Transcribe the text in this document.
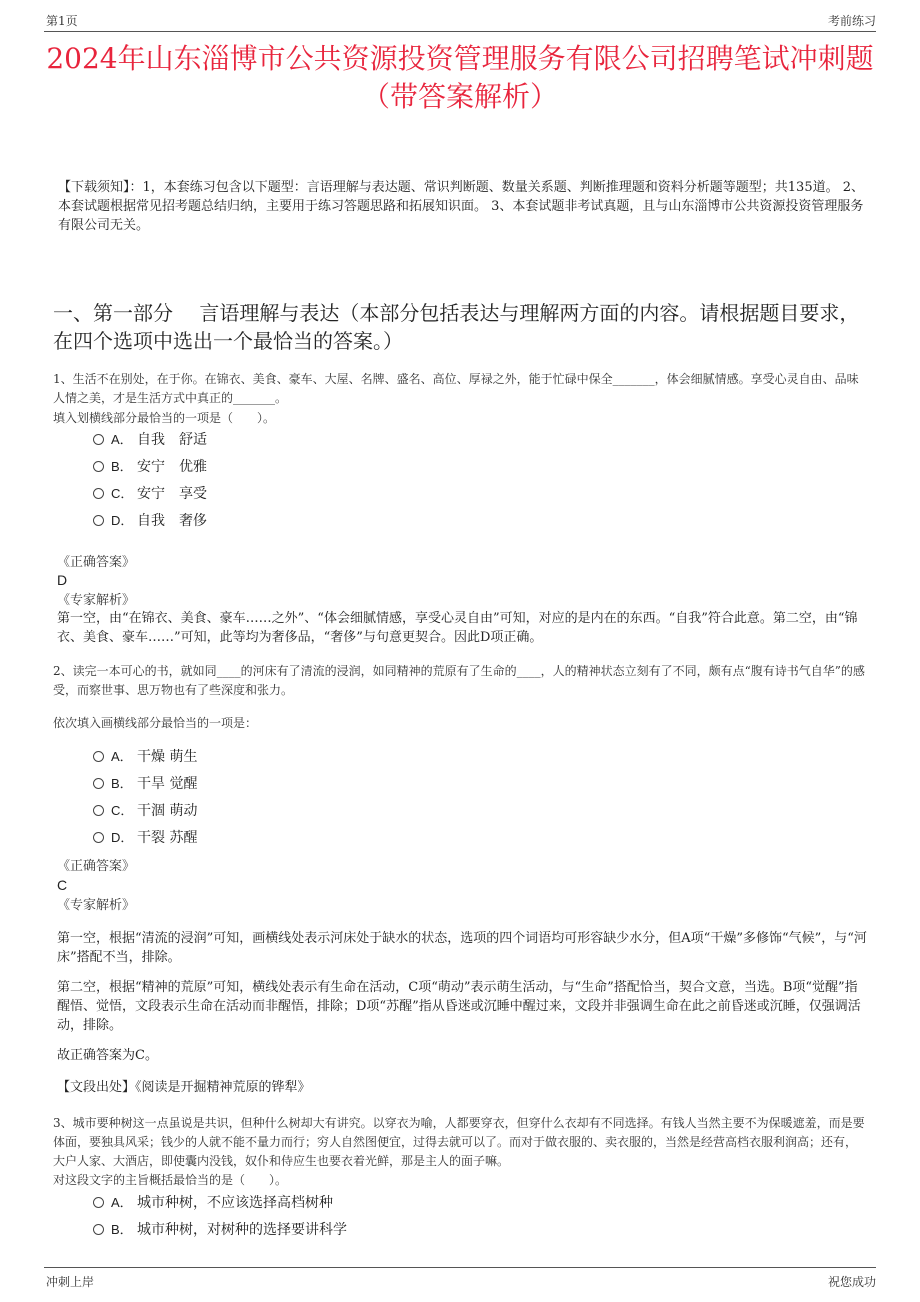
第1页	考前练习
2024年山东淄博市公共资源投资管理服务有限公司招聘笔试冲刺题（带答案解析）
【下载须知】：1，本套练习包含以下题型：言语理解与表达题、常识判断题、数量关系题、判断推理题和资料分析题等题型；共135道。 2、本套试题根据常见招考题总结归纳，主要用于练习答题思路和拓展知识面。 3、本套试题非考试真题，且与山东淄博市公共资源投资管理服务有限公司无关。
一、第一部分 　言语理解与表达（本部分包括表达与理解两方面的内容。请根据题目要求，在四个选项中选出一个最恰当的答案。）
1、生活不在别处，在于你。在锦衣、美食、豪车、大屋、名牌、盛名、高位、厚禄之外，能于忙碌中保全_______，体会细腻情感。享受心灵自由、品味人情之美，才是生活方式中真正的_______。
填入划横线部分最恰当的一项是（　　）。
A． 自我　舒适
B． 安宁　优雅
C． 安宁　享受
D． 自我　奢侈
《正确答案》
D
《专家解析》
第一空，由“在锦衣、美食、豪车……之外”、“体会细腻情感，享受心灵自由”可知，对应的是内在的东西。“自我”符合此意。第二空，由“锦衣、美食、豪车……”可知，此等均为奢侈品，“奢侈”与句意更契合。因此D项正确。
2、读完一本可心的书，就如同____的河床有了清流的浸润，如同精神的荒原有了生命的____，人的精神状态立刻有了不同，颇有点“腹有诗书气自华”的感受，而察世事、思万物也有了些深度和张力。
依次填入画横线部分最恰当的一项是：
A． 干燥 萌生
B． 干旱 觉醒
C． 干涸 萌动
D． 干裂 苏醒
《正确答案》
C
《专家解析》
第一空，根据“清流的浸润”可知，画横线处表示河床处于缺水的状态，选项的四个词语均可形容缺少水分，但A项“干燥”多修饰“气候”，与“河床”搭配不当，排除。
第二空，根据“精神的荒原”可知，横线处表示有生命在活动，C项“萌动”表示萌生活动，与“生命”搭配恰当，契合文意，当选。B项“觉醒”指醒悟、觉悟，文段表示生命在活动而非醒悟，排除；D项“苏醒”指从昏迷或沉睡中醒过来，文段并非强调生命在此之前昏迷或沉睡，仅强调活动，排除。
故正确答案为C。
【文段出处】《阅读是开掘精神荒原的铧犁》
3、城市要种树这一点虽说是共识，但种什么树却大有讲究。以穿衣为喻，人都要穿衣，但穿什么衣却有不同选择。有钱人当然主要不为保暖遮羞，而是要体面，要独具风采；钱少的人就不能不量力而行；穷人自然图便宜，过得去就可以了。而对于做衣服的、卖衣服的，当然是经营高档衣服利润高；还有，大户人家、大酒店，即使囊内没钱，奴仆和侍应生也要衣着光鲜，那是主人的面子嘛。
对这段文字的主旨概括最恰当的是（　　）。
A． 城市种树，不应该选择高档树种
B． 城市种树，对树种的选择要讲科学
冲刺上岸	祝您成功
